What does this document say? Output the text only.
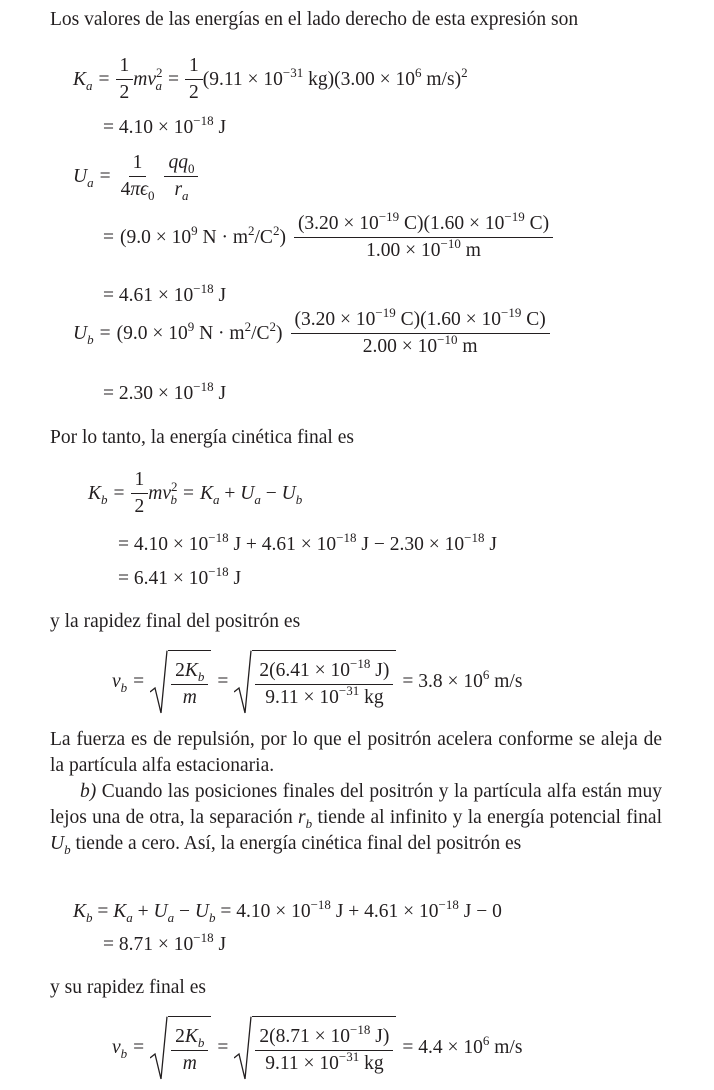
Los valores de las energías en el lado derecho de esta expresión son
$K_a = \frac{1}{2} mv^2_a = \frac{1}{2} (9.11 \times 10^{-31}$ $kg)(3.00 \times 10^6$ m/s)$^2$
= $4.10 \times 10^{-18}$ J
$U_a = \frac{1}{4\pi\epsilon_0} \frac{qq_0}{r_a}$
= ($9.0 \times 10^9$ $N \cdot m^2/C^2) \frac{(3.20 \times 10^{-19} C)(1.60 \times 10^{-19} C)}{1.00 \times 10^{-10} m}$
= $4.61 \times 10^{-18}$ J
$U_b = (9.0 \times 10^9$ $N \cdot m^2/C^2) \frac{(3.20 \times 10^{-19} C)(1.60 \times 10^{-19} C)}{2.00 \times 10^{-10} m}$
= $2.30 \times 10^{-18}$ J
Por lo tanto, la energía cinética final es
$K_b = \frac{1}{2} mv^2_b = K_a + U_a - U_b$
= $4.10 \times 10^{-18}$ $J + 4.61 \times 10^{-18}$ $J - 2.30 \times 10^{-18}$ J
= $6.41 \times 10^{-18}$ J
y la rapidez final del positrón es
$v_b = \frac{2K_b}{m} = \frac{2(6.41 \times 10^{-18} J)}{9.11 \times 10^{-31} kg} = 3.8 \times 10^6$ m/s
La fuerza es de repulsión, por lo que el positrón acelera conforme se aleja de la partícula alfa estacionaria.
b) Cuando las posiciones finales del positrón y la partícula alfa están muy lejos una de otra, la separación $r_b$ tiende al infinito y la energía potencial final $U_b$ tiende a cero. Así, la energía cinética final del positrón es
$K_b = K_a + U_a - U_b = 4.10 \times 10^{-18}$ $J + 4.61 \times 10^{-18}$ J − 0
= $8.71 \times 10^{-18}$ J
y su rapidez final es
$v_b = \frac{2K_b}{m} = \frac{2(8.71 \times 10^{-18} J)}{9.11 \times 10^{-31} kg} = 4.4 \times 10^6$ m/s
